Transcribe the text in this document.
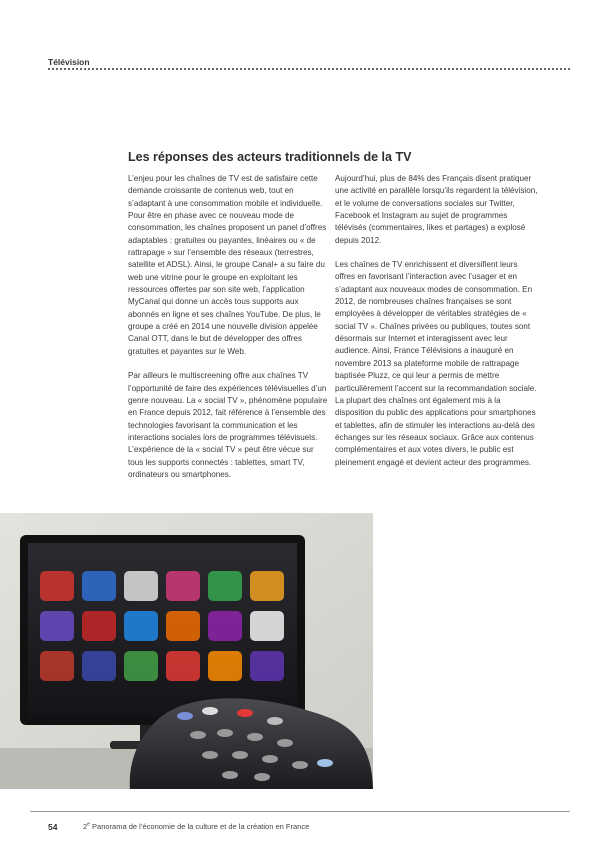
Télévision
Les réponses des acteurs traditionnels de la TV

L’enjeu pour les chaînes de TV est de satisfaire cette demande croissante de contenus web, tout en s’adaptant à une consommation mobile et individuelle. Pour être en phase avec ce nouveau mode de consommation, les chaînes proposent un panel d’offres adaptables : gratuites ou payantes, linéaires ou « de rattrapage » sur l’ensemble des réseaux (terrestres, satellite et ADSL). Ainsi, le groupe Canal+ a su faire du web une vitrine pour le groupe en exploitant les ressources offertes par son site web, l’application MyCanal qui donne un accès tous supports aux abonnés en ligne et ses chaînes YouTube. De plus, le groupe a créé en 2014 une nouvelle division appelée Canal OTT, dans le but de développer des offres gratuites et payantes sur le Web.

Par ailleurs le multiscreening offre aux chaînes TV l’opportunité de faire des expériences télévisuelles d’un genre nouveau. La « social TV », phénomène populaire en France depuis 2012, fait référence à l’ensemble des technologies favorisant la communication et les interactions sociales lors de programmes télévisuels. L’expérience de la « social TV » peut être vécue sur tous les supports connectés : tablettes, smart TV, ordinateurs ou smartphones.

Aujourd’hui, plus de 84% des Français disent pratiquer une activité en parallèle lorsqu’ils regardent la télévision, et le volume de conversations sociales sur Twitter, Facebook et Instagram au sujet de programmes télévisés (commentaires, likes et partages) a explosé depuis 2012.

Les chaînes de TV enrichissent et diversifient leurs offres en favorisant l’interaction avec l’usager et en s’adaptant aux nouveaux modes de consommation. En 2012, de nombreuses chaînes françaises se sont employées à développer de véritables stratégies de « social TV ». Chaînes privées ou publiques, toutes sont désormais sur Internet et interagissent avec leur audience. Ainsi, France Télévisions a inauguré en novembre 2013 sa plateforme mobile de rattrapage baptisée Pluzz, ce qui leur a permis de mettre particulièrement l’accent sur la recommandation sociale. La plupart des chaînes ont également mis à la disposition du public des applications pour smartphones et tablettes, afin de stimuler les interactions au-delà des échanges sur les réseaux sociaux. Grâce aux contenus complémentaires et aux votes divers, le public est pleinement engagé et devient acteur des programmes.

54	2e Panorama de l’économie de la culture et de la création en France
